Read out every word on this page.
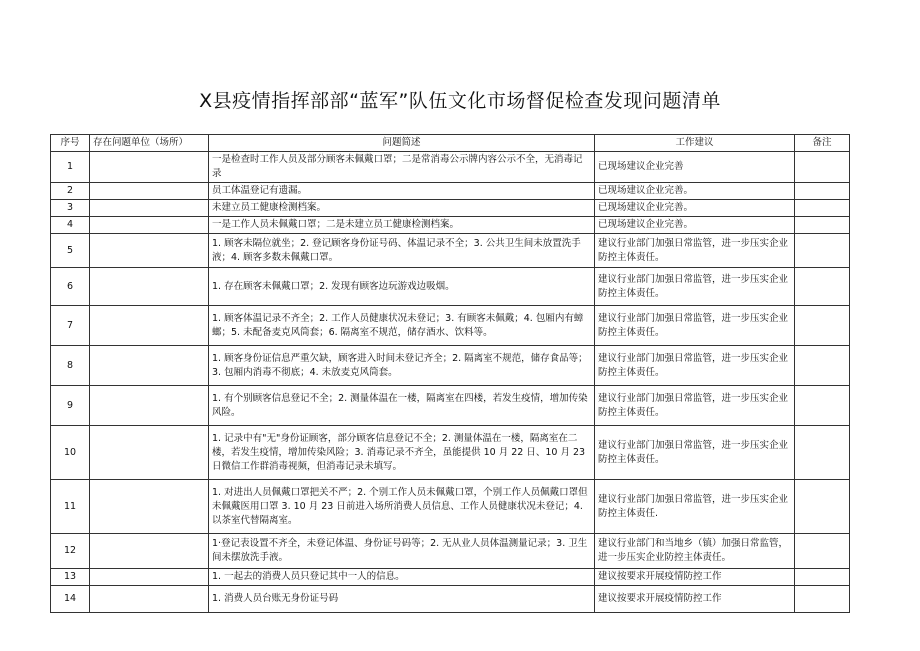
X县疫情指挥部部“蓝军”队伍文化市场督促检查发现问题清单
序号	存在问题单位（场所）	问题简述	工作建议	备注
1		一是检查时工作人员及部分顾客未佩戴口罩；二是常消毒公示牌内容公示不全，无消毒记录	已现场建议企业完善	
2		员工体温登记有遗漏。	已现场建议企业完善。	
3		未建立员工健康检测档案。	已现场建议企业完善。	
4		一是工作人员未佩戴口罩；二是未建立员工健康检测档案。	已现场建议企业完善。	
5		1. 顾客未隔位就坐；2. 登记顾客身份证号码、体温记录不全；3. 公共卫生间未放置洗手液；4. 顾客多数未佩戴口罩。	建议行业部门加强日常监管，进一步压实企业防控主体责任。	
6		1. 存在顾客未佩戴口罩；2. 发现有顾客边玩游戏边吸烟。	建议行业部门加强日常监管，进一步压实企业防控主体责任。	
7		1. 顾客体温记录不齐全；2. 工作人员健康状况未登记；3. 有顾客未佩戴；4. 包厢内有蟑螂；5. 未配备麦克风筒套；6. 隔离室不规范，储存酒水、饮料等。	建议行业部门加强日常监管，进一步压实企业防控主体责任。	
8		1. 顾客身份证信息严重欠缺，顾客进入时间未登记齐全；2. 隔离室不规范，储存食品等；3. 包厢内消毒不彻底；4. 未放麦克风筒套。	建议行业部门加强日常监管，进一步压实企业防控主体责任。	
9		1. 有个别顾客信息登记不全；2. 测量体温在一楼，隔离室在四楼，若发生疫情，增加传染风险。	建议行业部门加强日常监管，进一步压实企业防控主体责任。	
10		1. 记录中有"无"身份证顾客，部分顾客信息登记不全；2. 测量体温在一楼，隔离室在二楼，若发生疫情，增加传染风险；3. 消毒记录不齐全，虽能提供 10 月 22 日、10 月 23 日微信工作群消毒视频，但消毒记录未填写。	建议行业部门加强日常监管，进一步压实企业防控主体责任。	
11		1. 对进出人员佩戴口罩把关不严；2. 个别工作人员未佩戴口罩，个别工作人员佩戴口罩但未佩戴医用口罩 3. 10 月 23 日前进入场所消费人员信息、工作人员健康状况未登记；4. 以茶室代替隔离室。	建议行业部门加强日常监管，进一步压实企业防控主体责任.	
12		1·登记表设置不齐全，未登记体温、身份证号码等；2. 无从业人员体温测量记录；3. 卫生间未摆放洗手液。	建议行业部门和当地乡（镇）加强日常监管，进一步压实企业防控主体责任。	
13		1. 一起去的消费人员只登记其中一人的信息。	建议按要求开展疫情防控工作	
14		1. 消费人员台账无身份证号码	建议按要求开展疫情防控工作	
